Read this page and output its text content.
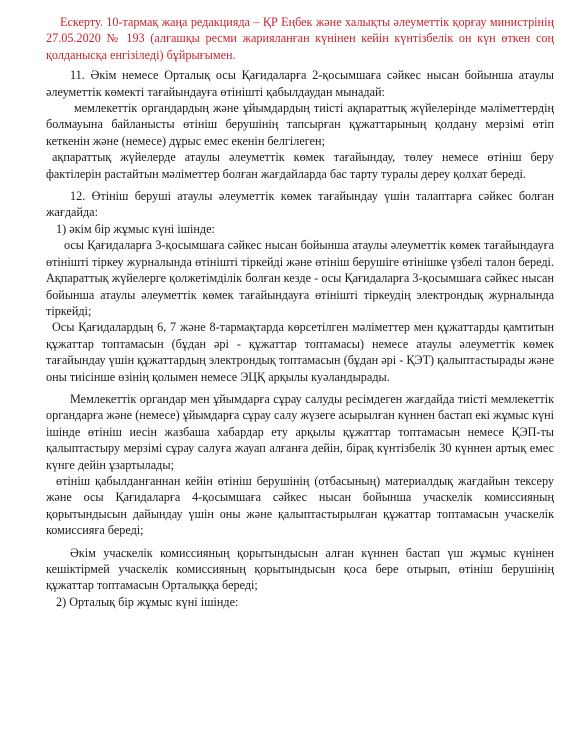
Ескерту. 10-тармақ жаңа редакцияда – ҚР Еңбек және халықты әлеуметтік қорғау министрінің 27.05.2020 № 193 (алғашқы ресми жарияланған күнінен кейін күнтізбелік он күн өткен соң қолданысқа енгізіледі) бұйрығымен.

11. Әкім немесе Орталық осы Қағидаларға 2-қосымшаға сәйкес нысан бойынша атаулы әлеуметтік көмекті тағайындауға өтінішті қабылдаудан мынадай:

мемлекеттік органдардың және ұйымдардың тиісті ақпараттық жүйелерінде мәліметтердің болмауына байланысты өтініш берушінің тапсырған құжаттарының қолдану мерзімі өтіп кеткенін және (немесе) дұрыс емес екенін белгілеген;

ақпараттық жүйелерде атаулы әлеуметтік көмек тағайындау, төлеу немесе өтініш беру фактілерін растайтын мәліметтер болған жағдайларда бас тарту туралы дереу қолхат береді.

12. Өтініш беруші атаулы әлеуметтік көмек тағайындау үшін талаптарға сәйкес болған жағдайда:

1) әкім бір жұмыс күні ішінде:

осы Қағидаларға 3-қосымшаға сәйкес нысан бойынша атаулы әлеуметтік көмек тағайындауға өтінішті тіркеу журналында өтінішті тіркейді және өтініш берушіге өтінішке үзбелі талон береді. Ақпараттық жүйелерге қолжетімділік болған кезде - осы Қағидаларға 3-қосымшаға сәйкес нысан бойынша атаулы әлеуметтік көмек тағайындауға өтінішті тіркеудің электрондық журналында тіркейді;

Осы Қағидалардың 6, 7 және 8-тармақтарда көрсетілген мәліметтер мен құжаттарды қамтитын құжаттар топтамасын (бұдан әрі - құжаттар топтамасы) немесе атаулы әлеуметтік көмек тағайындау үшін құжаттардың электрондық топтамасын (бұдан әрі - ҚЭТ) қалыптастырады және оны тиісінше өзінің қолымен немесе ЭЦҚ арқылы куәландырады.

Мемлекеттік органдар мен ұйымдарға сұрау салуды ресімдеген жағдайда тиісті мемлекеттік органдарға және (немесе) ұйымдарға сұрау салу жүзеге асырылған күннен бастап екі жұмыс күні ішінде өтініш иесін жазбаша хабардар ету арқылы құжаттар топтамасын немесе ҚЭП-ты қалыптастыру мерзімі сұрау салуға жауап алғанға дейін, бірақ күнтізбелік 30 күннен артық емес күнге дейін ұзартылады;

өтініш қабылданғаннан кейін өтініш берушінің (отбасының) материалдық жағдайын тексеру және осы Қағидаларға 4-қосымшаға сәйкес нысан бойынша учаскелік комиссияның қорытындысын дайындау үшін оны және қалыптастырылған құжаттар топтамасын учаскелік комиссияға береді;

Әкім учаскелік комиссияның қорытындысын алған күннен бастап үш жұмыс күнінен кешіктірмей учаскелік комиссияның қорытындысын қоса бере отырып, өтініш берушінің құжаттар топтамасын Орталыққа береді;

2) Орталық бір жұмыс күні ішінде:
